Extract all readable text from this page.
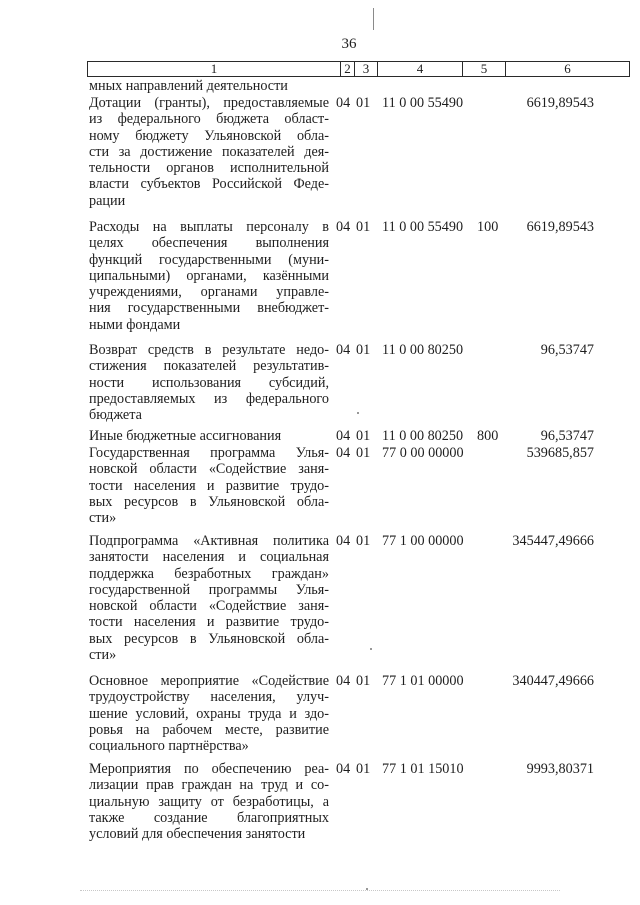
36
1	2 3	4	5	6
мных направлений деятельности
Дотации (гранты), предоставляемые
из федерального бюджета област-
ному бюджету Ульяновской обла-
сти за достижение показателей дея-
тельности органов исполнительной
власти субъектов Российской Феде-
рации
04 01 11 0 00 55490	6619,89543
Расходы на выплаты персоналу в
целях обеспечения выполнения
функций государственными (муни-
ципальными) органами, казёнными
учреждениями, органами управле-
ния государственными внебюджет-
ными фондами
04 01 11 0 00 55490 100 6619,89543
Возврат средств в результате недо-
стижения показателей результатив-
ности использования субсидий,
предоставляемых из федерального
бюджета
04 01 11 0 00 80250	96,53747
Иные бюджетные ассигнования	04 01 11 0 00 80250 800	96,53747
Государственная программа Улья-
новской области «Содействие заня-
тости населения и развитие трудо-
вых ресурсов в Ульяновской обла-
сти»
04 01 77 0 00 00000	539685,857
Подпрограмма «Активная политика
занятости населения и социальная
поддержка безработных граждан»
государственной программы Улья-
новской области «Содействие заня-
тости населения и развитие трудо-
вых ресурсов в Ульяновской обла-
сти»
04 01 77 1 00 00000	345447,49666
Основное мероприятие «Содействие
трудоустройству населения, улуч-
шение условий, охраны труда и здо-
ровья на рабочем месте, развитие
социального партнёрства»
04 01 77 1 01 00000	340447,49666
Мероприятия по обеспечению реа-
лизации прав граждан на труд и со-
циальную защиту от безработицы, а
также создание благоприятных
условий для обеспечения занятости
04 01 77 1 01 15010	9993,80371
